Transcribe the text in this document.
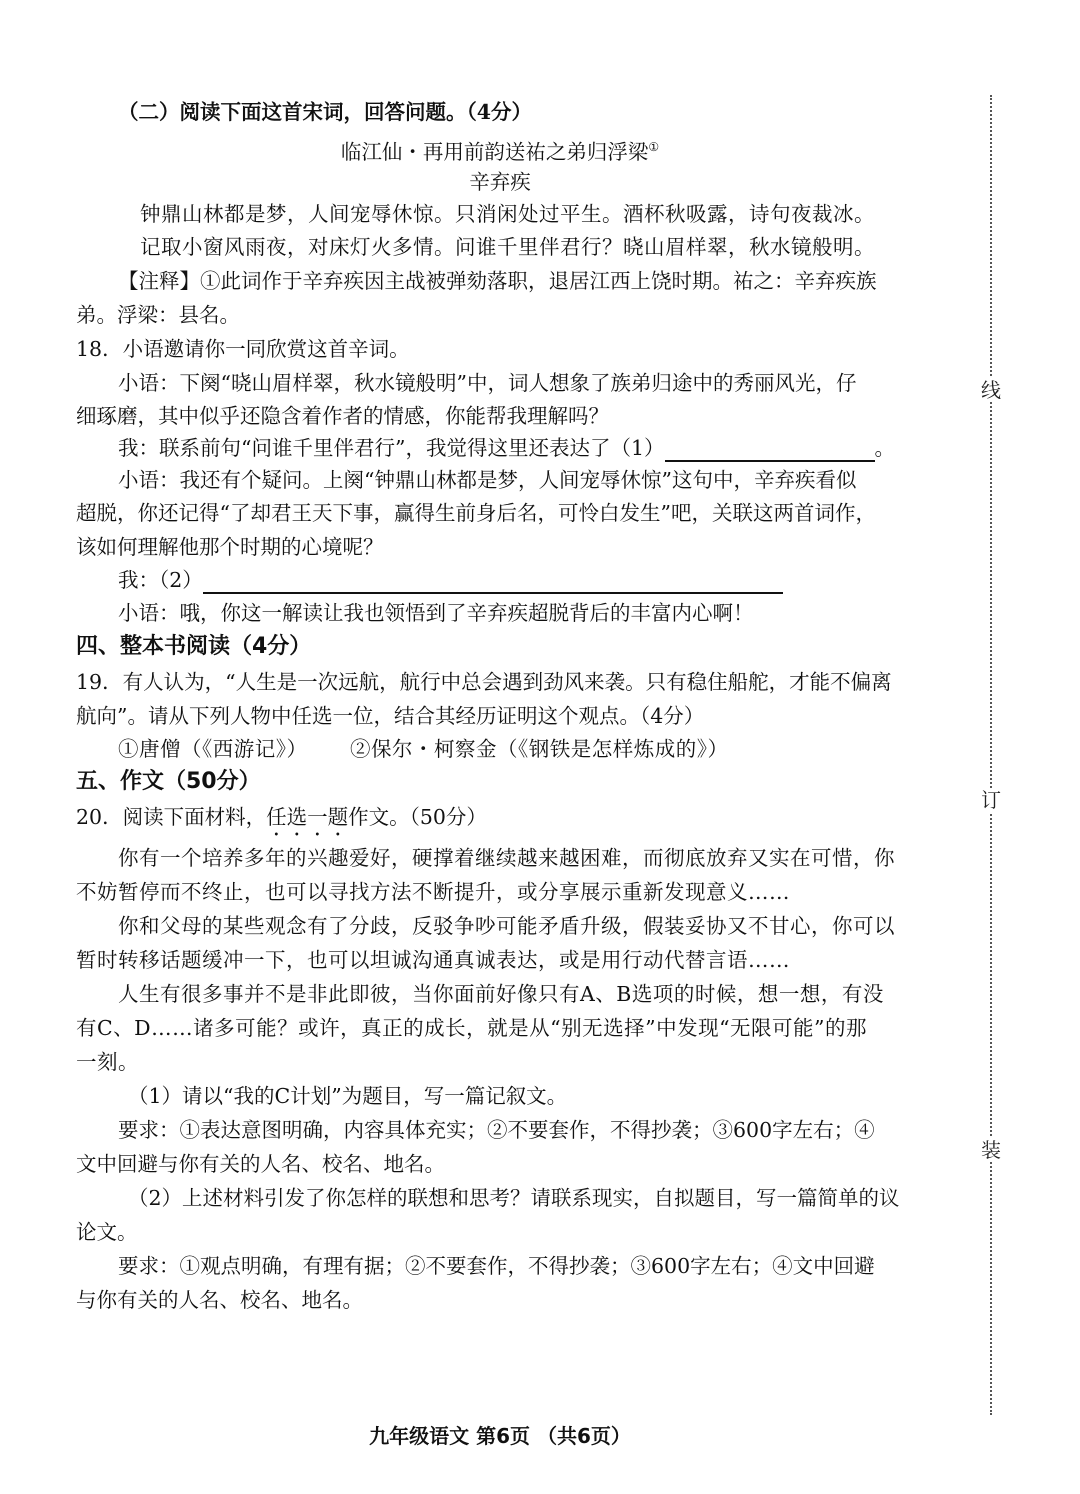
（二）阅读下面这首宋词，回答问题。（4分）
临江仙・再用前韵送祐之弟归浮梁①
辛弃疾
钟鼎山林都是梦，人间宠辱休惊。只消闲处过平生。酒杯秋吸露，诗句夜裁冰。
记取小窗风雨夜，对床灯火多情。问谁千里伴君行？晓山眉样翠，秋水镜般明。
【注释】①此词作于辛弃疾因主战被弹劾落职，退居江西上饶时期。祐之：辛弃疾族
弟。浮梁：县名。
18．小语邀请你一同欣赏这首辛词。
小语：下阕“晓山眉样翠，秋水镜般明”中，词人想象了族弟归途中的秀丽风光，仔
细琢磨，其中似乎还隐含着作者的情感，你能帮我理解吗？
我：联系前句“问谁千里伴君行”，我觉得这里还表达了（1）	。
小语：我还有个疑问。上阕“钟鼎山林都是梦，人间宠辱休惊”这句中，辛弃疾看似
超脱，你还记得“了却君王天下事，赢得生前身后名，可怜白发生”吧，关联这两首词作，
该如何理解他那个时期的心境呢？
我：（2）
小语：哦，你这一解读让我也领悟到了辛弃疾超脱背后的丰富内心啊！
四、整本书阅读（4分）
19．有人认为，“人生是一次远航，航行中总会遇到劲风来袭。只有稳住船舵，才能不偏离
航向”。请从下列人物中任选一位，结合其经历证明这个观点。（4分）
①唐僧（《西游记》）	②保尔・柯察金（《钢铁是怎样炼成的》）
五、作文（50分）
20．阅读下面材料，任选一题作文。（50分）
你有一个培养多年的兴趣爱好，硬撑着继续越来越困难，而彻底放弃又实在可惜，你
不妨暂停而不终止，也可以寻找方法不断提升，或分享展示重新发现意义……
你和父母的某些观念有了分歧，反驳争吵可能矛盾升级，假装妥协又不甘心，你可以
暂时转移话题缓冲一下，也可以坦诚沟通真诚表达，或是用行动代替言语……
人生有很多事并不是非此即彼，当你面前好像只有A、B选项的时候，想一想，有没
有C、D……诸多可能？或许，真正的成长，就是从“别无选择”中发现“无限可能”的那
一刻。
（1）请以“我的C计划”为题目，写一篇记叙文。
要求：①表达意图明确，内容具体充实；②不要套作，不得抄袭；③600字左右；④
文中回避与你有关的人名、校名、地名。
（2）上述材料引发了你怎样的联想和思考？请联系现实，自拟题目，写一篇简单的议
论文。
要求：①观点明确，有理有据；②不要套作，不得抄袭；③600字左右；④文中回避
与你有关的人名、校名、地名。
线
订
装
九年级语文 第6页 （共6页）
